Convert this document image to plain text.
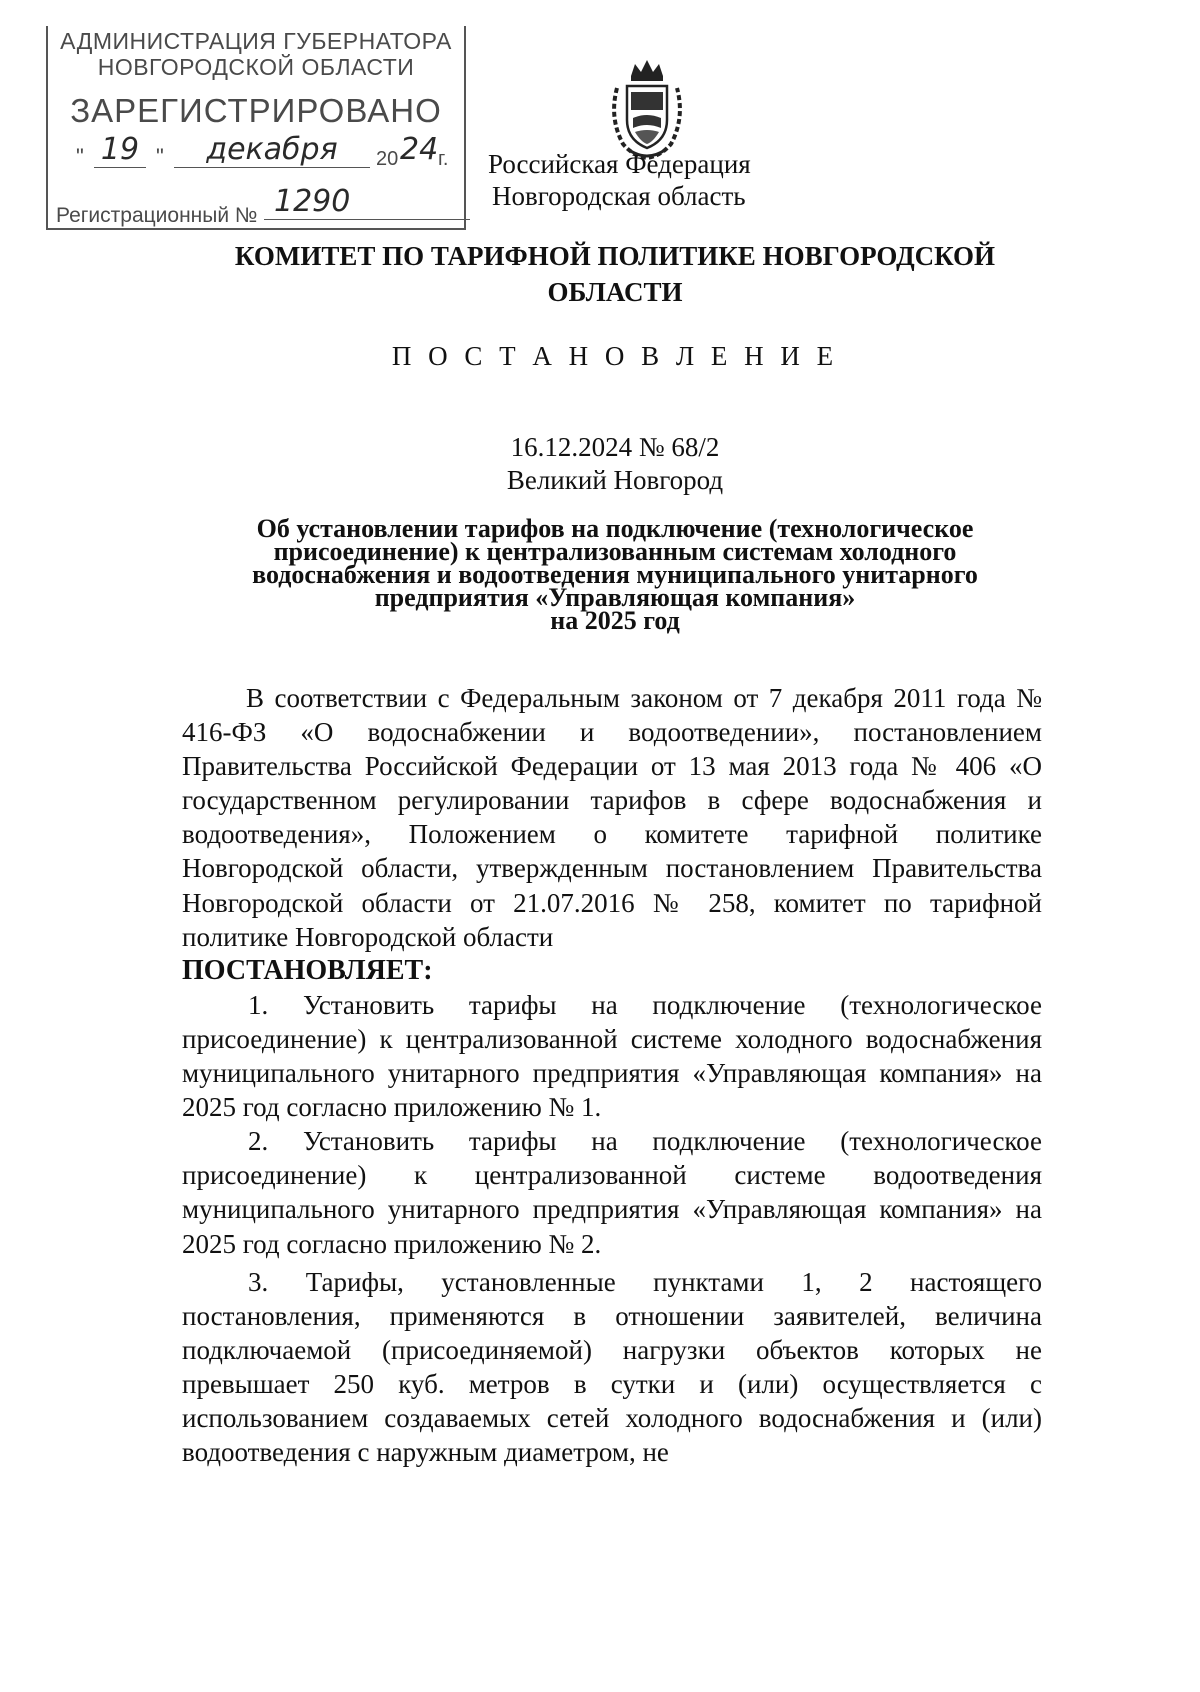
АДМИНИСТРАЦИЯ ГУБЕРНАТОРА
НОВГОРОДСКОЙ ОБЛАСТИ
ЗАРЕГИСТРИРОВАНО
" 19 "	декабря	20 24 г.
Регистрационный № 1290
Российская Федерация
Новгородская область
КОМИТЕТ ПО ТАРИФНОЙ ПОЛИТИКЕ НОВГОРОДСКОЙ
ОБЛАСТИ
П О С Т А Н О В Л Е Н И Е
16.12.2024 № 68/2
Великий Новгород
Об установлении тарифов на подключение (технологическое
присоединение) к централизованным системам холодного
водоснабжения и водоотведения муниципального унитарного
предприятия «Управляющая компания»
на 2025 год

В соответствии с Федеральным законом от 7 декабря 2011 года № 416-ФЗ «О водоснабжении и водоотведении», постановлением Правительства Российской Федерации от 13 мая 2013 года № 406 «О государственном регулировании тарифов в сфере водоснабжения и водоотведения», Положением о комитете тарифной политике Новгородской области, утвержденным постановлением Правительства Новгородской области от 21.07.2016 № 258, комитет по тарифной политике Новгородской области

ПОСТАНОВЛЯЕТ:

1. Установить тарифы на подключение (технологическое присоединение) к централизованной системе холодного водоснабжения муниципального унитарного предприятия «Управляющая компания» на 2025 год согласно приложению № 1.

2. Установить тарифы на подключение (технологическое присоединение) к централизованной системе водоотведения муниципального унитарного предприятия «Управляющая компания» на 2025 год согласно приложению № 2.

3. Тарифы, установленные пунктами 1, 2 настоящего постановления, применяются в отношении заявителей, величина подключаемой (присоединяемой) нагрузки объектов которых не превышает 250 куб. метров в сутки и (или) осуществляется с использованием создаваемых сетей холодного водоснабжения и (или) водоотведения с наружным диаметром, не
